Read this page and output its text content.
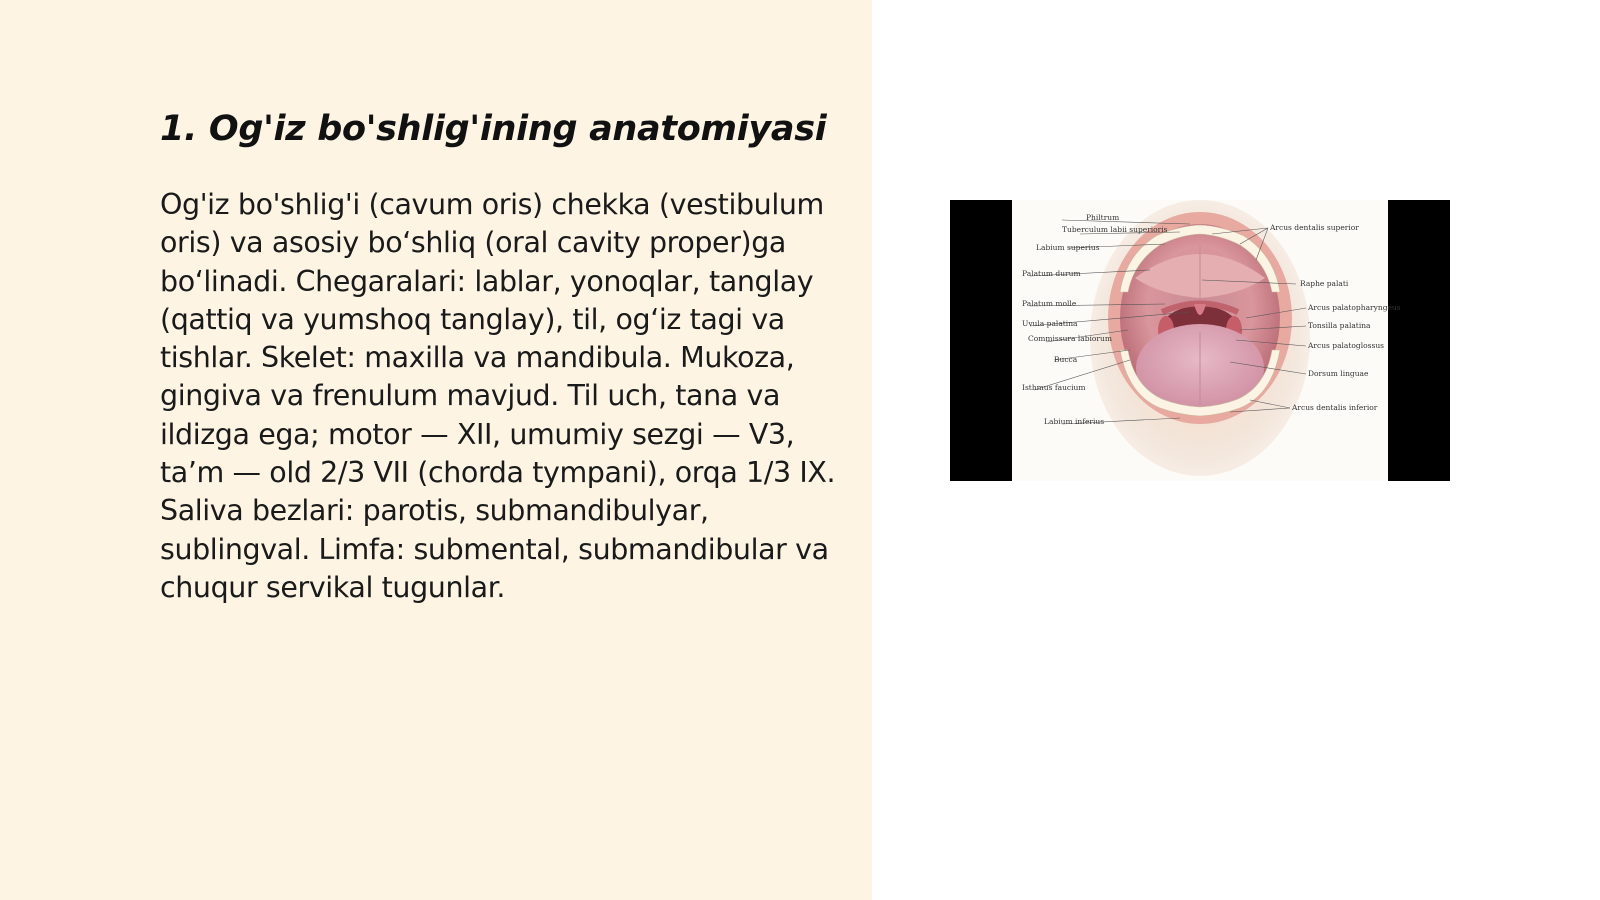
1. Og'iz bo'shlig'ining anatomiyasi

Og'iz bo'shlig'i (cavum oris) chekka (vestibulum oris) va asosiy bo‘shliq (oral cavity proper)ga bo‘linadi. Chegaralari: lablar, yonoqlar, tanglay (qattiq va yumshoq tanglay), til, og‘iz tagi va tishlar. Skelet: maxilla va mandibula. Mukoza, gingiva va frenulum mavjud. Til uch, tana va ildizga ega; motor — XII, umumiy sezgi — V3, ta’m — old 2/3 VII (chorda tympani), orqa 1/3 IX. Saliva bezlari: parotis, submandibulyar, sublingval. Limfa: submental, submandibular va chuqur servikal tugunlar.

Philtrum
Tuberculum labii superioris
Labium superius
Palatum durum
Palatum molle
Uvula palatina
Commissura labiorum
Bucca
Isthmus faucium
Labium inferius
Arcus dentalis superior
Raphe palati
Arcus palatopharyngeus
Tonsilla palatina
Arcus palatoglossus
Dorsum linguae
Arcus dentalis inferior
